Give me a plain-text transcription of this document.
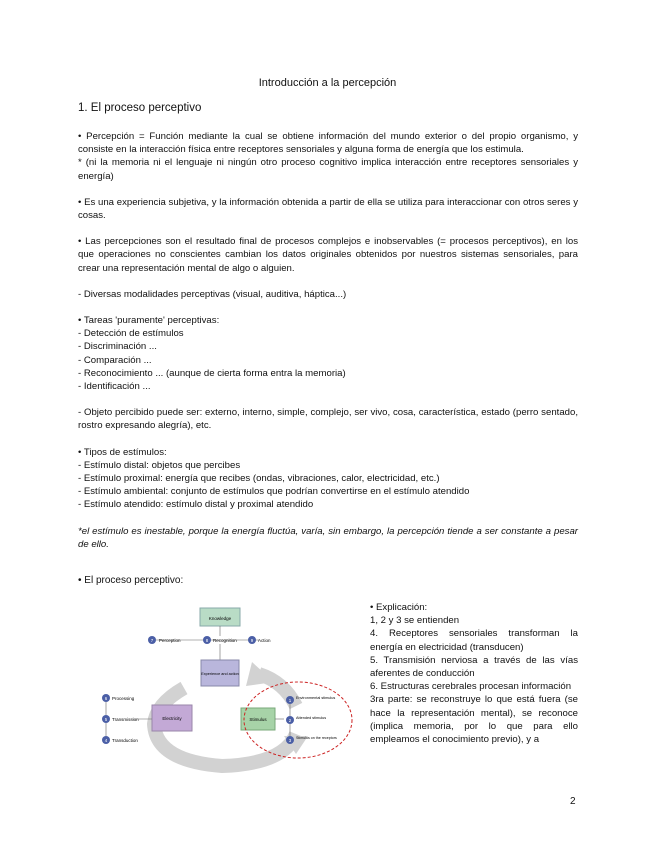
Introducción a la percepción
1. El proceso perceptivo

• Percepción = Función mediante la cual se obtiene información del mundo exterior o del propio organismo, y consiste en la interacción física entre receptores sensoriales y alguna forma de energía que los estimula.

* (ni la memoria ni el lenguaje ni ningún otro proceso cognitivo implica interacción entre receptores sensoriales y energía)

• Es una experiencia subjetiva, y la información obtenida a partir de ella se utiliza para interaccionar con otros seres y cosas.

• Las percepciones son el resultado final de procesos complejos e inobservables (= procesos perceptivos), en los que operaciones no conscientes cambian los datos originales obtenidos por nuestros sistemas sensoriales, para crear una representación mental de algo o alguien.

- Diversas modalidades perceptivas (visual, auditiva, háptica...)

• Tareas 'puramente' perceptivas:
- Detección de estímulos
- Discriminación ...
- Comparación ...
- Reconocimiento ... (aunque de cierta forma entra la memoria)
- Identificación ...

- Objeto percibido puede ser: externo, interno, simple, complejo, ser vivo, cosa, característica, estado (perro sentado, rostro expresando alegría), etc.

• Tipos de estímulos:
- Estímulo distal: objetos que percibes
- Estímulo proximal: energía que recibes (ondas, vibraciones, calor, electricidad, etc.)
- Estímulo ambiental: conjunto de estímulos que podrían convertirse en el estímulo atendido
- Estímulo atendido: estímulo distal y proximal atendido

*el estímulo es inestable, porque la energía fluctúa, varía, sin embargo, la percepción tiende a ser constante a pesar de ello.

• El proceso perceptivo:
Knowledge
7 Perception	8 Recognition	9 Action
Experience and action
Electricity
6 Processing
5 Transmission
4 Transduction
Stimulus
1 Environmental stimulus
2 Attended stimulus
3 Stimulus on the receptors
• Explicación:
1, 2 y 3 se entienden
4. Receptores sensoriales transforman la energía en electricidad (transducen)
5. Transmisión nerviosa a través de las vías aferentes de conducción
6. Estructuras cerebrales procesan información
3ra parte: se reconstruye lo que está fuera (se hace la representación mental), se reconoce (implica memoria, por lo que para ello empleamos el conocimiento previo), y a
2
